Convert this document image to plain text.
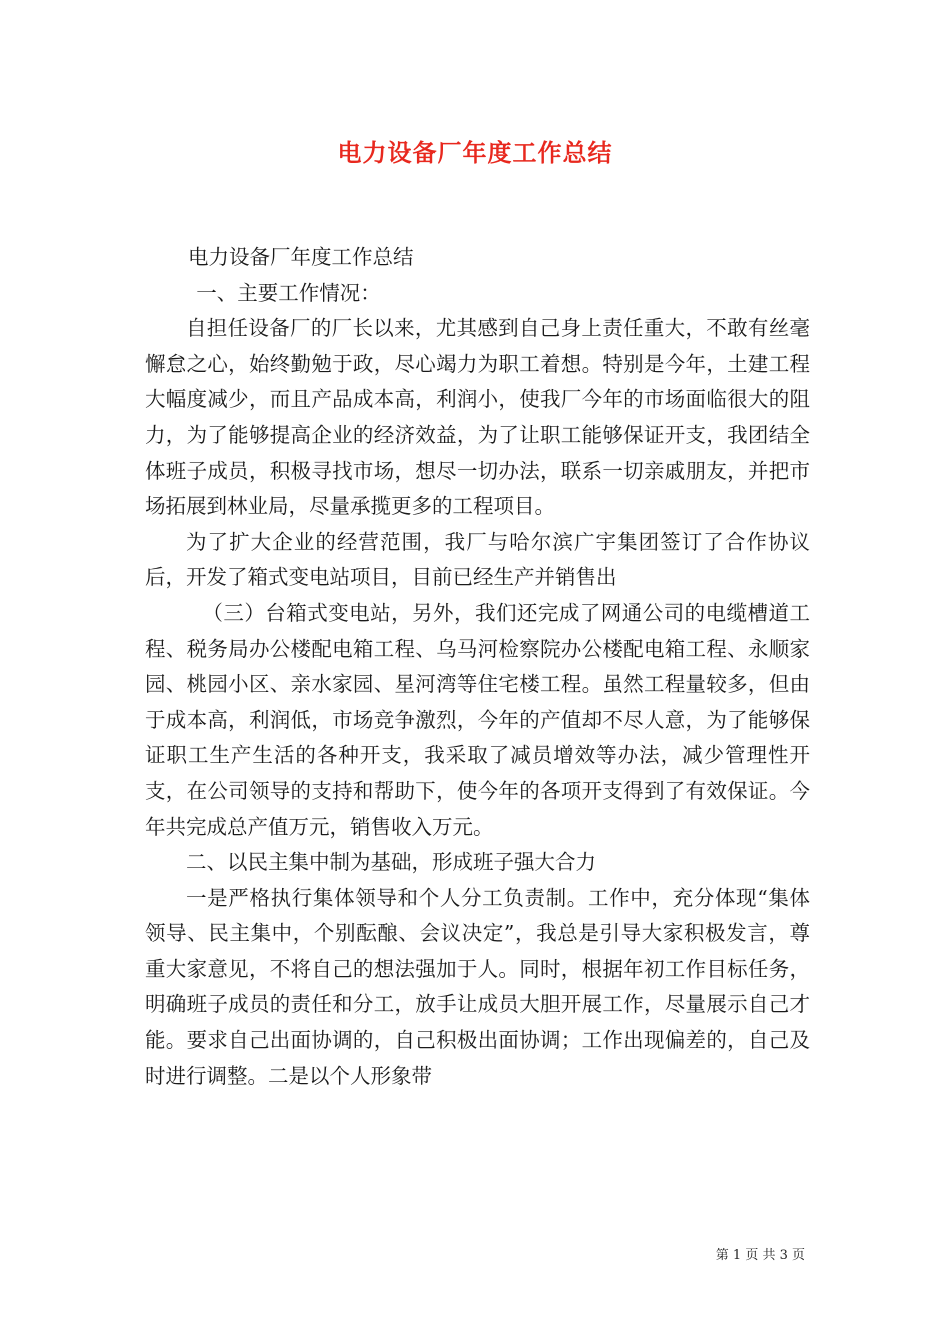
电力设备厂年度工作总结

电力设备厂年度工作总结

一、主要工作情况：

自担任设备厂的厂长以来，尤其感到自己身上责任重大，不敢有丝毫懈怠之心，始终勤勉于政，尽心竭力为职工着想。特别是今年，土建工程大幅度减少，而且产品成本高，利润小，使我厂今年的市场面临很大的阻力，为了能够提高企业的经济效益，为了让职工能够保证开支，我团结全体班子成员，积极寻找市场，想尽一切办法，联系一切亲戚朋友，并把市场拓展到林业局，尽量承揽更多的工程项目。

为了扩大企业的经营范围，我厂与哈尔滨广宇集团签订了合作协议后，开发了箱式变电站项目，目前已经生产并销售出

（三）台箱式变电站，另外，我们还完成了网通公司的电缆槽道工程、税务局办公楼配电箱工程、乌马河检察院办公楼配电箱工程、永顺家园、桃园小区、亲水家园、星河湾等住宅楼工程。虽然工程量较多，但由于成本高，利润低，市场竞争激烈，今年的产值却不尽人意，为了能够保证职工生产生活的各种开支，我采取了减员增效等办法，减少管理性开支，在公司领导的支持和帮助下，使今年的各项开支得到了有效保证。今年共完成总产值万元，销售收入万元。

二、以民主集中制为基础，形成班子强大合力

一是严格执行集体领导和个人分工负责制。工作中，充分体现“集体领导、民主集中，个别酝酿、会议决定”，我总是引导大家积极发言，尊重大家意见，不将自己的想法强加于人。同时，根据年初工作目标任务，明确班子成员的责任和分工，放手让成员大胆开展工作，尽量展示自己才能。要求自己出面协调的，自己积极出面协调；工作出现偏差的，自己及时进行调整。二是以个人形象带

第 1 页 共 3 页
